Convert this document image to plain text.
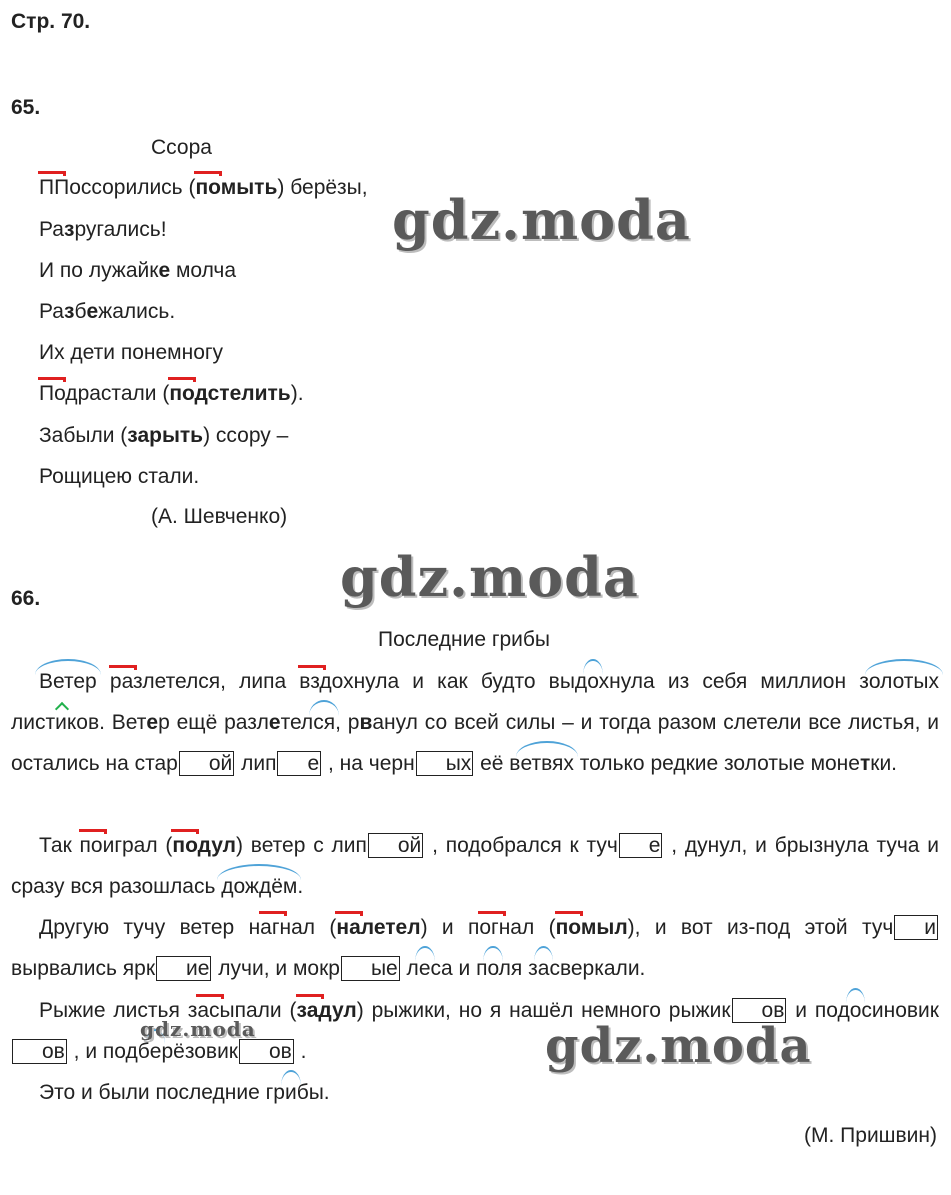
Стр. 70.
65.
Ссора
ППоссорились (помыть) берёзы,
Разругались!
И по лужайке молча
Разбежались.
Их дети понемногу
Подрастали (подстелить).
Забыли (зарыть) ссору –
Рощицею стали.
(А. Шевченко)
66.
Последние грибы

Ветер разлетелся, липа вздохнула и как будто выдохнула из себя миллион золотых листиков. Ветер ещё разлетелся, рванул со всей силы – и тогда разом слетели все листья, и остались на стар ой лип е , на черн ых её ветвях только редкие золотые монетки.

Так поиграл (подул) ветер с лип ой , подобрался к туч е , дунул, и брызнула туча и сразу вся разошлась дождём.

Другую тучу ветер нагнал (налетел) и погнал (помыл), и вот из-под этой туч и вырвались ярк ие лучи, и мокр ые леса и поля засверкали.

Рыжие листья засыпали (задул) рыжики, но я нашёл немного рыжик ов и подосиновиков , и подберёзовик ов .

Это и были последние грибы.

(М. Пришвин)
gdz.moda
gdz.moda
gdz.moda	gdz.moda
